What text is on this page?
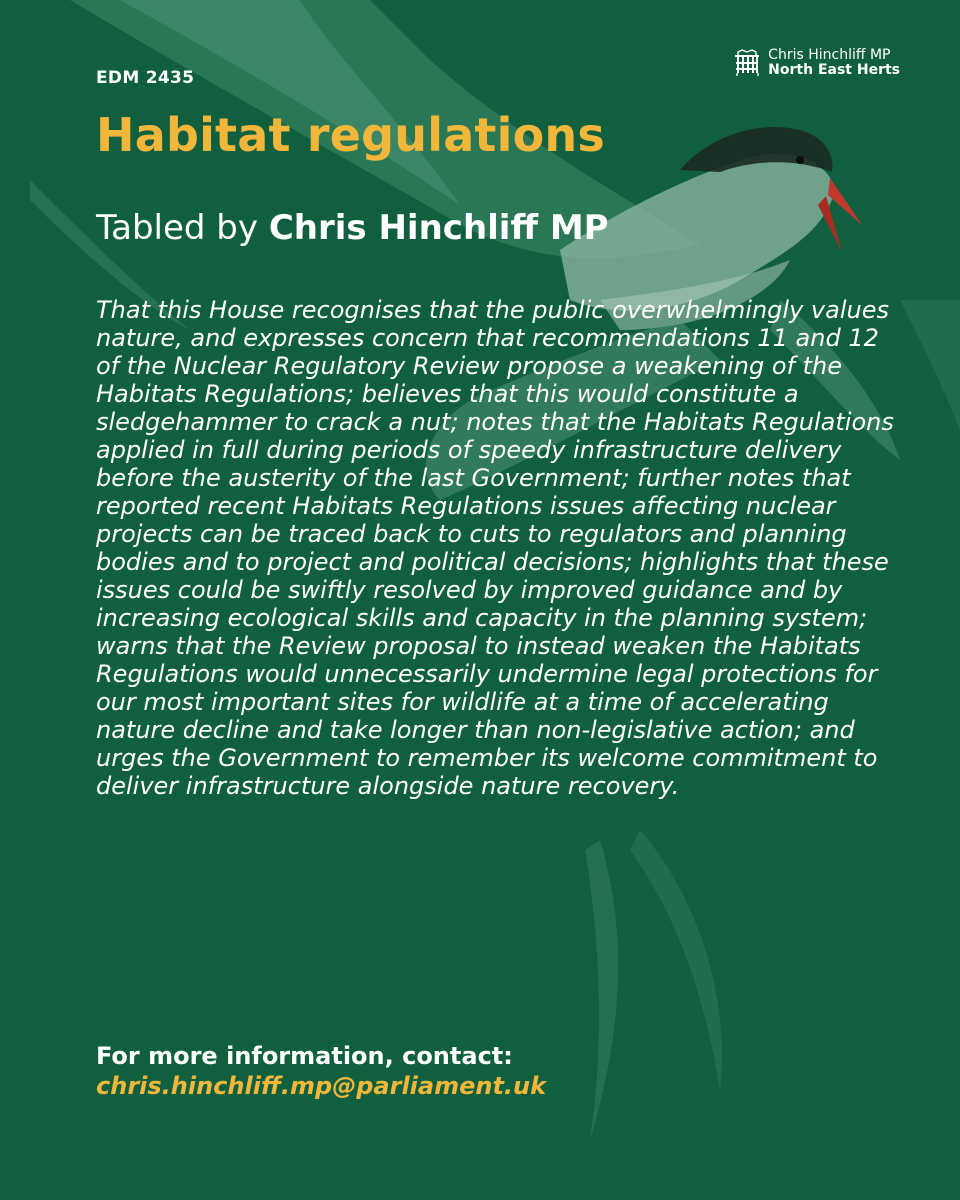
Chris Hinchliff MP
North East Herts
EDM 2435
Habitat regulations
Tabled by Chris Hinchliff MP

That this House recognises that the public overwhelmingly values nature, and expresses concern that recommendations 11 and 12 of the Nuclear Regulatory Review propose a weakening of the Habitats Regulations; believes that this would constitute a sledgehammer to crack a nut; notes that the Habitats Regulations applied in full during periods of speedy infrastructure delivery before the austerity of the last Government; further notes that reported recent Habitats Regulations issues affecting nuclear projects can be traced back to cuts to regulators and planning bodies and to project and political decisions; highlights that these issues could be swiftly resolved by improved guidance and by increasing ecological skills and capacity in the planning system; warns that the Review proposal to instead weaken the Habitats Regulations would unnecessarily undermine legal protections for our most important sites for wildlife at a time of accelerating nature decline and take longer than non-legislative action; and urges the Government to remember its welcome commitment to deliver infrastructure alongside nature recovery.

For more information, contact:
chris.hinchliff.mp@parliament.uk
